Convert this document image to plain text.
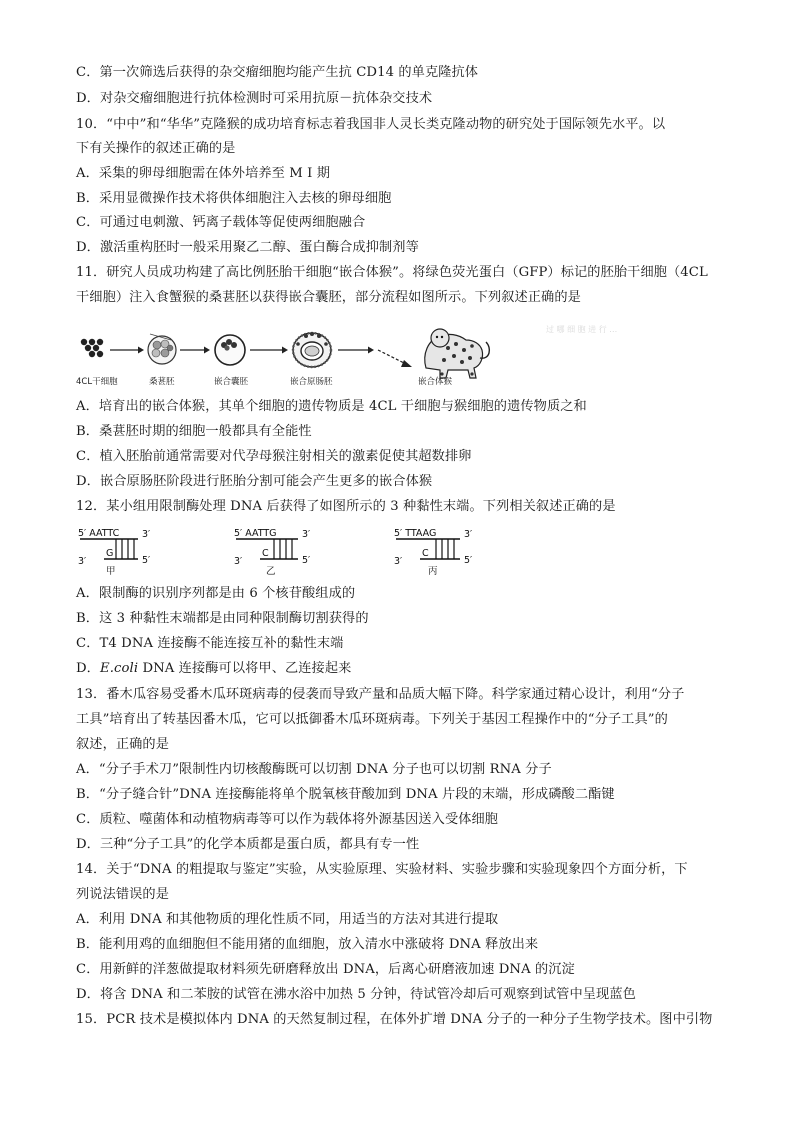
C．第一次筛选后获得的杂交瘤细胞均能产生抗 CD14 的单克隆抗体
D．对杂交瘤细胞进行抗体检测时可采用抗原－抗体杂交技术
10．“中中”和“华华”克隆猴的成功培育标志着我国非人灵长类克隆动物的研究处于国际领先水平。以
下有关操作的叙述正确的是
A．采集的卵母细胞需在体外培养至 M Ⅰ 期
B．采用显微操作技术将供体细胞注入去核的卵母细胞
C．可通过电刺激、钙离子载体等促使两细胞融合
D．激活重构胚时一般采用聚乙二醇、蛋白酶合成抑制剂等
11．研究人员成功构建了高比例胚胎干细胞“嵌合体猴”。将绿色荧光蛋白（GFP）标记的胚胎干细胞（4CL
干细胞）注入食蟹猴的桑葚胚以获得嵌合囊胚，部分流程如图所示。下列叙述正确的是
过 哪 细 胞 进 行 …
4CL干细胞	桑葚胚	嵌合囊胚	嵌合原肠胚	嵌合体猴
A．培育出的嵌合体猴，其单个细胞的遗传物质是 4CL 干细胞与猴细胞的遗传物质之和
B．桑葚胚时期的细胞一般都具有全能性
C．植入胚胎前通常需要对代孕母猴注射相关的激素促使其超数排卵
D．嵌合原肠胚阶段进行胚胎分割可能会产生更多的嵌合体猴
12．某小组用限制酶处理 DNA 后获得了如图所示的 3 种黏性末端。下列相关叙述正确的是
5′ AATTC
G
3′
3′
5′
甲
5′ AATTG
C
3′
3′
5′
乙
5′ TTAAG
C
3′
3′
5′
丙
A．限制酶的识别序列都是由 6 个核苷酸组成的
B．这 3 种黏性末端都是由同种限制酶切割获得的
C．T4 DNA 连接酶不能连接互补的黏性末端
D．E.coli DNA 连接酶可以将甲、乙连接起来
13．番木瓜容易受番木瓜环斑病毒的侵袭而导致产量和品质大幅下降。科学家通过精心设计，利用“分子
工具”培育出了转基因番木瓜，它可以抵御番木瓜环斑病毒。下列关于基因工程操作中的“分子工具”的
叙述，正确的是
A．“分子手术刀”限制性内切核酸酶既可以切割 DNA 分子也可以切割 RNA 分子
B．“分子缝合针”DNA 连接酶能将单个脱氧核苷酸加到 DNA 片段的末端，形成磷酸二酯键
C．质粒、噬菌体和动植物病毒等可以作为载体将外源基因送入受体细胞
D．三种“分子工具”的化学本质都是蛋白质，都具有专一性
14．关于“DNA 的粗提取与鉴定”实验，从实验原理、实验材料、实验步骤和实验现象四个方面分析，下
列说法错误的是
A．利用 DNA 和其他物质的理化性质不同，用适当的方法对其进行提取
B．能利用鸡的血细胞但不能用猪的血细胞，放入清水中涨破将 DNA 释放出来
C．用新鲜的洋葱做提取材料须先研磨释放出 DNA，后离心研磨液加速 DNA 的沉淀
D．将含 DNA 和二苯胺的试管在沸水浴中加热 5 分钟，待试管冷却后可观察到试管中呈现蓝色
15．PCR 技术是模拟体内 DNA 的天然复制过程，在体外扩增 DNA 分子的一种分子生物学技术。图中引物
